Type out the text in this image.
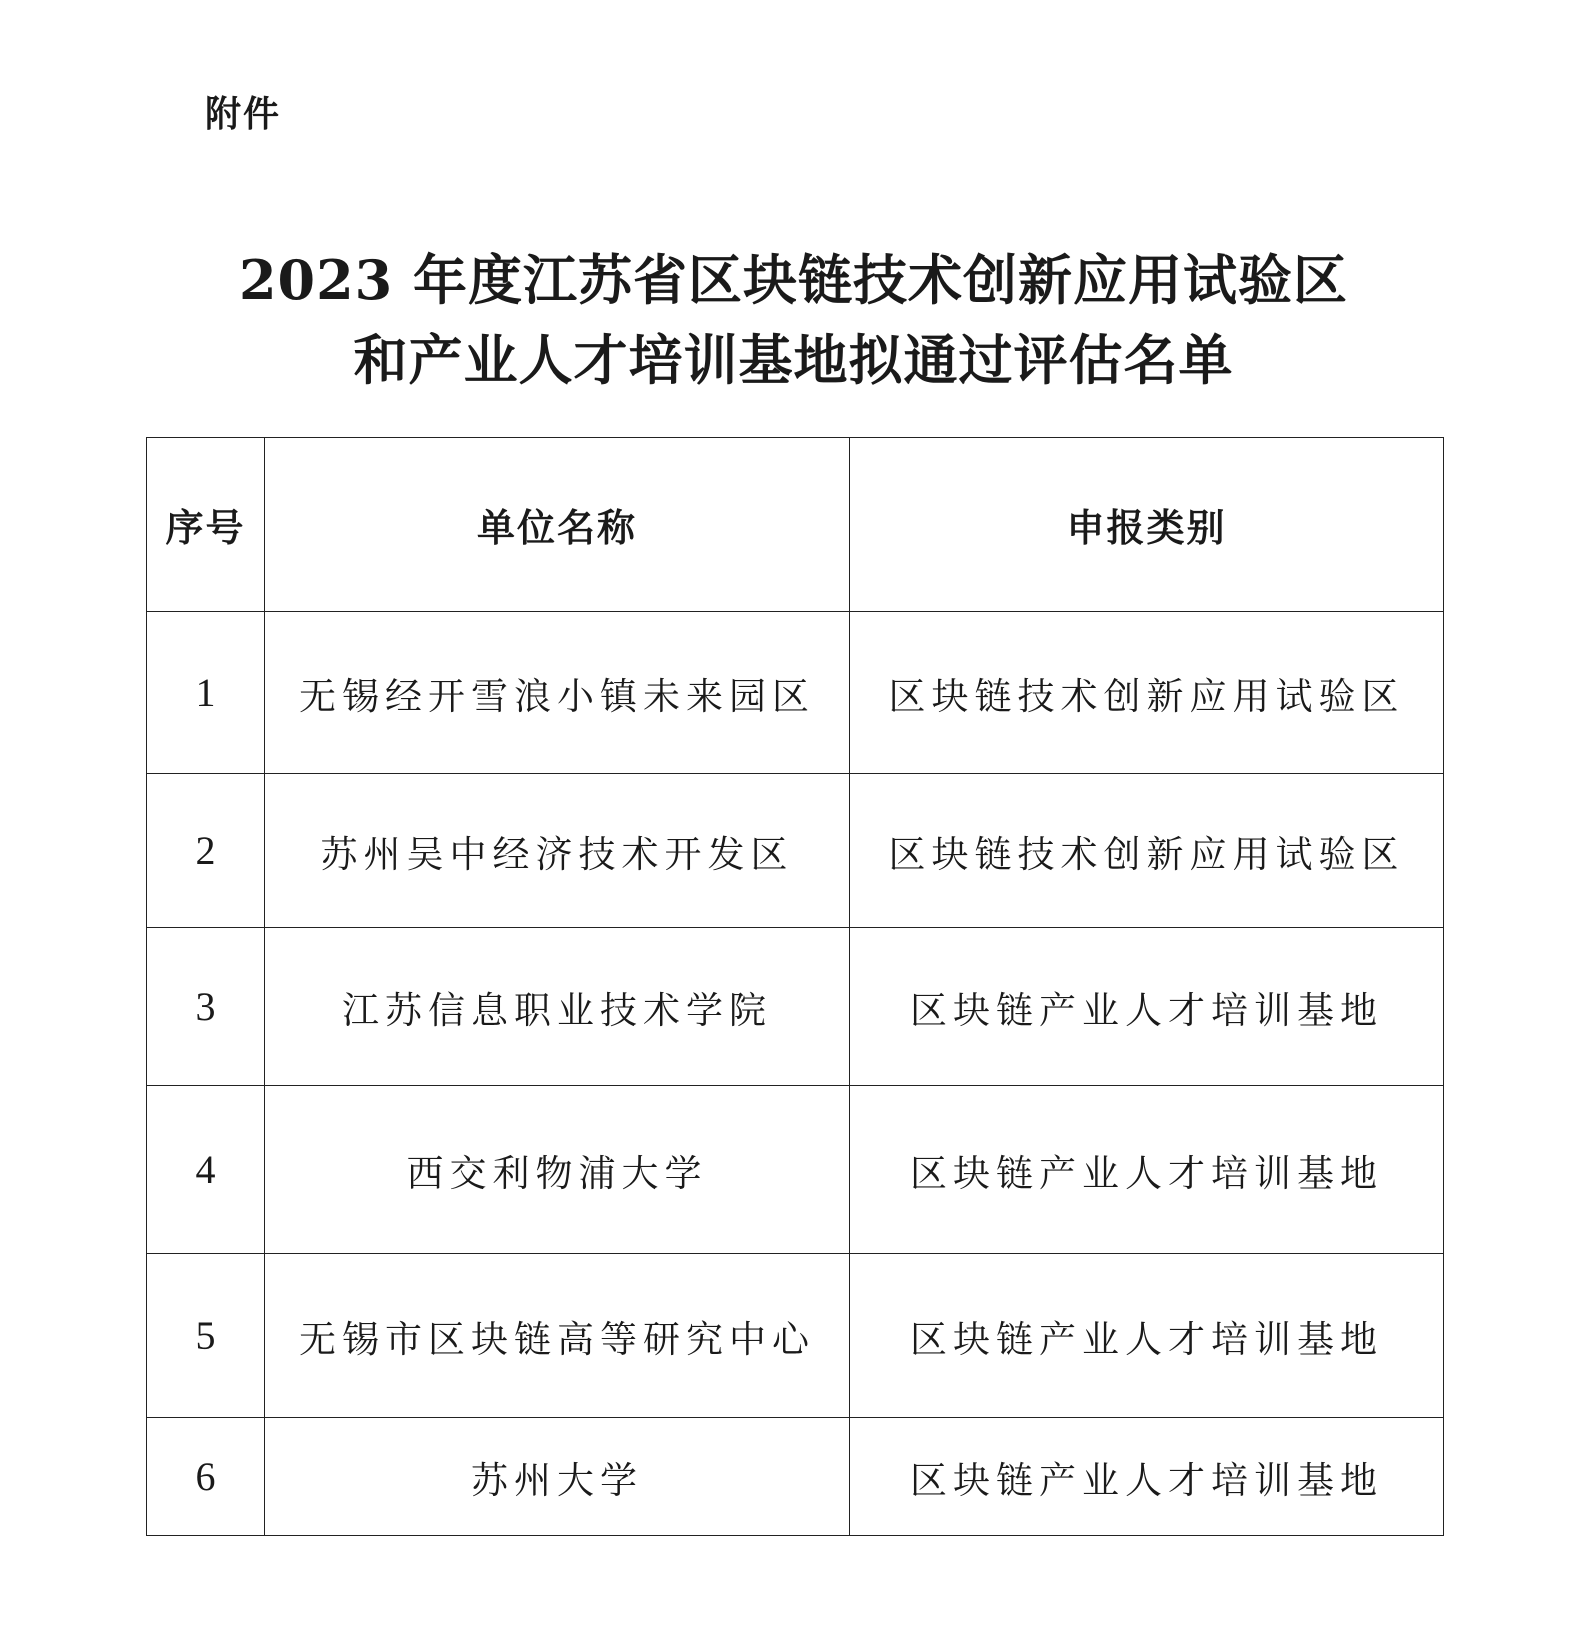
附件
2023 年度江苏省区块链技术创新应用试验区
和产业人才培训基地拟通过评估名单
序号	单位名称	申报类别
1	无锡经开雪浪小镇未来园区	区块链技术创新应用试验区
2	苏州吴中经济技术开发区	区块链技术创新应用试验区
3	江苏信息职业技术学院	区块链产业人才培训基地
4	西交利物浦大学	区块链产业人才培训基地
5	无锡市区块链高等研究中心	区块链产业人才培训基地
6	苏州大学	区块链产业人才培训基地
